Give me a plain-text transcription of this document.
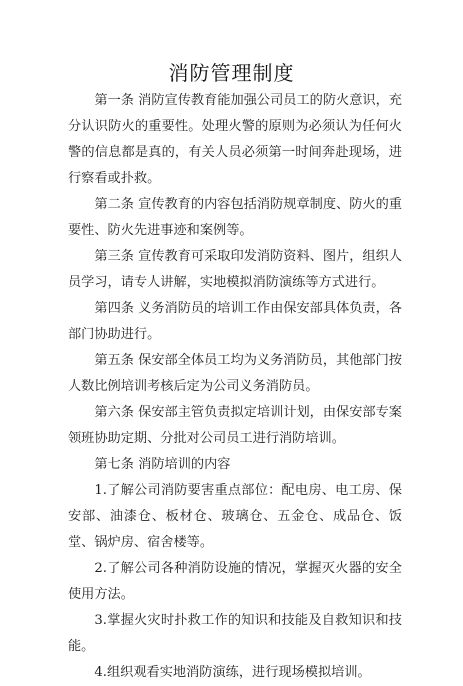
消防管理制度

第一条 消防宣传教育能加强公司员工的防火意识，充分认识防火的重要性。处理火警的原则为必须认为任何火警的信息都是真的，有关人员必须第一时间奔赴现场，进行察看或扑救。

第二条 宣传教育的内容包括消防规章制度、防火的重要性、防火先进事迹和案例等。

第三条 宣传教育可采取印发消防资料、图片，组织人员学习，请专人讲解，实地模拟消防演练等方式进行。

第四条 义务消防员的培训工作由保安部具体负责，各部门协助进行。

第五条 保安部全体员工均为义务消防员，其他部门按人数比例培训考核后定为公司义务消防员。

第六条 保安部主管负责拟定培训计划，由保安部专案领班协助定期、分批对公司员工进行消防培训。

第七条 消防培训的内容

1.了解公司消防要害重点部位：配电房、电工房、保安部、油漆仓、板材仓、玻璃仓、五金仓、成品仓、饭堂、锅炉房、宿舍楼等。

2.了解公司各种消防设施的情况，掌握灭火器的安全使用方法。

3.掌握火灾时扑救工作的知识和技能及自救知识和技能。

4.组织观看实地消防演练，进行现场模拟培训。
